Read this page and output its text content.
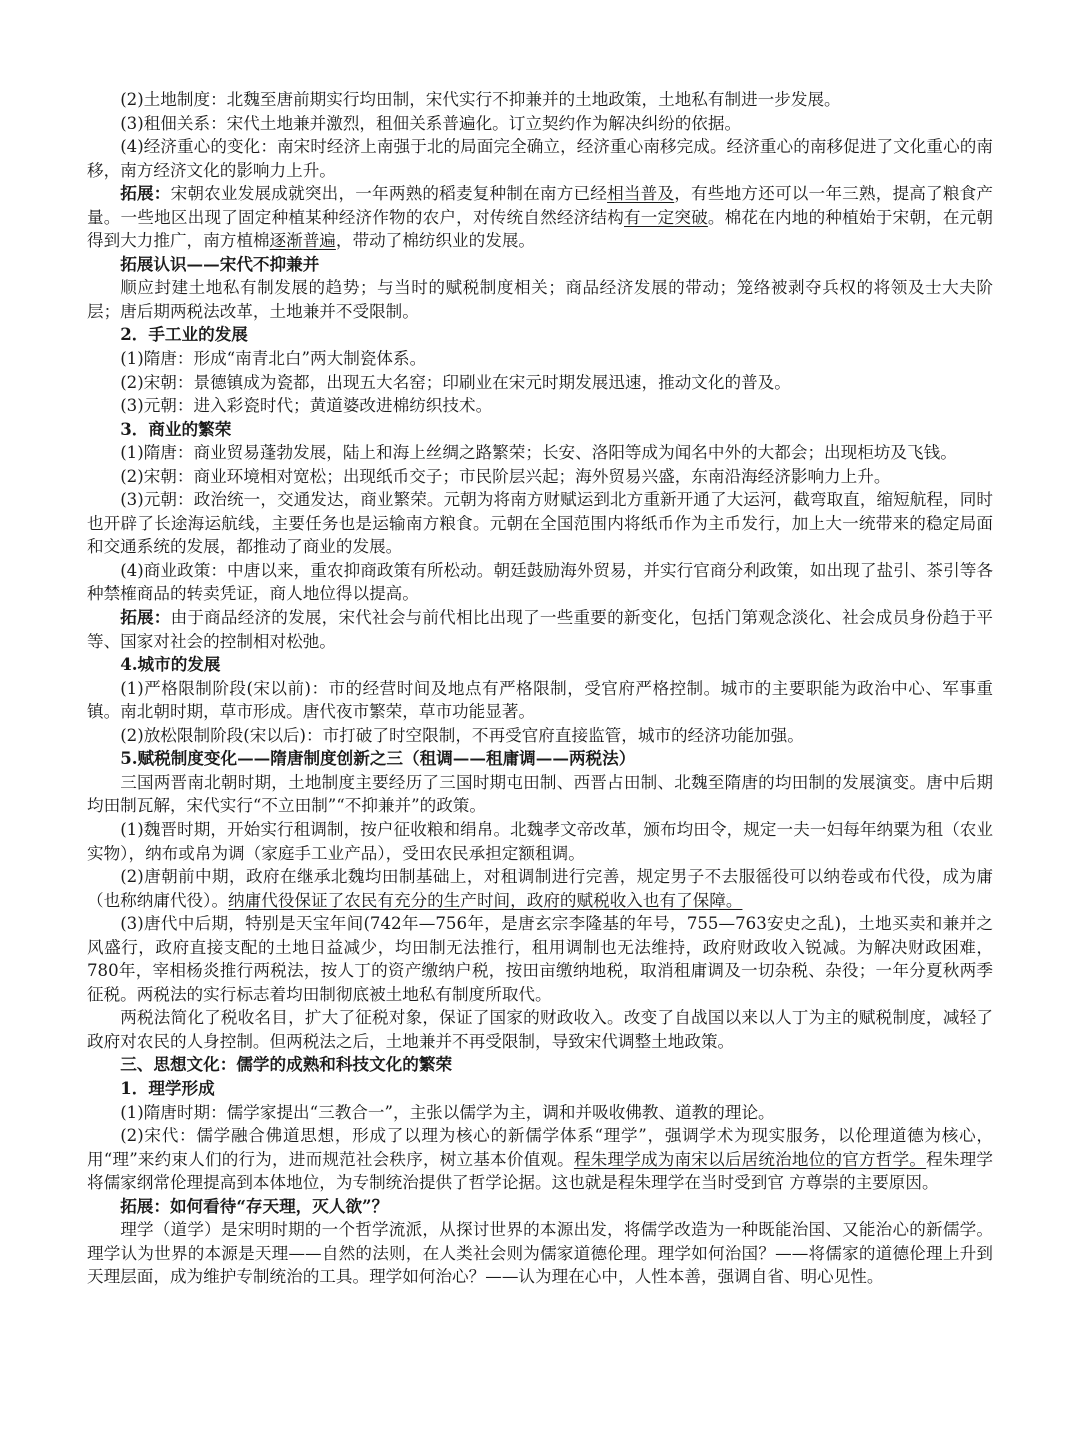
(2)土地制度：北魏至唐前期实行均田制，宋代实行不抑兼并的土地政策，土地私有制进一步发展。

(3)租佃关系：宋代土地兼并激烈，租佃关系普遍化。订立契约作为解决纠纷的依据。

(4)经济重心的变化：南宋时经济上南强于北的局面完全确立，经济重心南移完成。经济重心的南移促进了文化重心的南移，南方经济文化的影响力上升。

拓展：宋朝农业发展成就突出，一年两熟的稻麦复种制在南方已经相当普及，有些地方还可以一年三熟，提高了粮食产量。一些地区出现了固定种植某种经济作物的农户，对传统自然经济结构有一定突破。棉花在内地的种植始于宋朝，在元朝得到大力推广，南方植棉逐渐普遍，带动了棉纺织业的发展。

拓展认识——宋代不抑兼并

顺应封建土地私有制发展的趋势；与当时的赋税制度相关；商品经济发展的带动；笼络被剥夺兵权的将领及士大夫阶层；唐后期两税法改革，土地兼并不受限制。

2．手工业的发展

(1)隋唐：形成“南青北白”两大制瓷体系。

(2)宋朝：景德镇成为瓷都，出现五大名窑；印刷业在宋元时期发展迅速，推动文化的普及。

(3)元朝：进入彩瓷时代；黄道婆改进棉纺织技术。

3．商业的繁荣

(1)隋唐：商业贸易蓬勃发展，陆上和海上丝绸之路繁荣；长安、洛阳等成为闻名中外的大都会；出现柜坊及飞钱。

(2)宋朝：商业环境相对宽松；出现纸币交子；市民阶层兴起；海外贸易兴盛，东南沿海经济影响力上升。

(3)元朝：政治统一，交通发达，商业繁荣。元朝为将南方财赋运到北方重新开通了大运河，截弯取直，缩短航程，同时也开辟了长途海运航线，主要任务也是运输南方粮食。元朝在全国范围内将纸币作为主币发行，加上大一统带来的稳定局面和交通系统的发展，都推动了商业的发展。

(4)商业政策：中唐以来，重农抑商政策有所松动。朝廷鼓励海外贸易，并实行官商分利政策，如出现了盐引、茶引等各种禁榷商品的转卖凭证，商人地位得以提高。

拓展：由于商品经济的发展，宋代社会与前代相比出现了一些重要的新变化，包括门第观念淡化、社会成员身份趋于平等、国家对社会的控制相对松弛。

4.城市的发展

(1)严格限制阶段(宋以前)：市的经营时间及地点有严格限制，受官府严格控制。城市的主要职能为政治中心、军事重镇。南北朝时期，草市形成。唐代夜市繁荣，草市功能显著。

(2)放松限制阶段(宋以后)：市打破了时空限制，不再受官府直接监管，城市的经济功能加强。

5.赋税制度变化——隋唐制度创新之三（租调——租庸调——两税法）

三国两晋南北朝时期，土地制度主要经历了三国时期屯田制、西晋占田制、北魏至隋唐的均田制的发展演变。唐中后期均田制瓦解，宋代实行“不立田制”“不抑兼并”的政策。

(1)魏晋时期，开始实行租调制，按户征收粮和绢帛。北魏孝文帝改革，颁布均田令，规定一夫一妇每年纳粟为租（农业实物），纳布或帛为调（家庭手工业产品），受田农民承担定额租调。

(2)唐朝前中期，政府在继承北魏均田制基础上，对租调制进行完善，规定男子不去服徭役可以纳卷或布代役，成为庸（也称纳庸代役）。纳庸代役保证了农民有充分的生产时间，政府的赋税收入也有了保障。

(3)唐代中后期，特别是天宝年间(742年—756年，是唐玄宗李隆基的年号，755—763安史之乱)，土地买卖和兼并之风盛行，政府直接支配的土地日益减少，均田制无法推行，租用调制也无法维持，政府财政收入锐减。为解决财政困难，780年，宰相杨炎推行两税法，按人丁的资产缴纳户税，按田亩缴纳地税，取消租庸调及一切杂税、杂役；一年分夏秋两季征税。两税法的实行标志着均田制彻底被土地私有制度所取代。

两税法简化了税收名目，扩大了征税对象，保证了国家的财政收入。改变了自战国以来以人丁为主的赋税制度，减轻了政府对农民的人身控制。但两税法之后，土地兼并不再受限制，导致宋代调整土地政策。

三、思想文化：儒学的成熟和科技文化的繁荣

1．理学形成

(1)隋唐时期：儒学家提出“三教合一”，主张以儒学为主，调和并吸收佛教、道教的理论。

(2)宋代：儒学融合佛道思想，形成了以理为核心的新儒学体系“理学”，强调学术为现实服务，以伦理道德为核心，用“理”来约束人们的行为，进而规范社会秩序，树立基本价值观。程朱理学成为南宋以后居统治地位的官方哲学。程朱理学将儒家纲常伦理提高到本体地位，为专制统治提供了哲学论据。这也就是程朱理学在当时受到官 方尊崇的主要原因。

拓展：如何看待“存天理，灭人欲”？

理学（道学）是宋明时期的一个哲学流派，从探讨世界的本源出发，将儒学改造为一种既能治国、又能治心的新儒学。理学认为世界的本源是天理——自然的法则，在人类社会则为儒家道德伦理。理学如何治国？——将儒家的道德伦理上升到天理层面，成为维护专制统治的工具。理学如何治心？——认为理在心中，人性本善，强调自省、明心见性。
